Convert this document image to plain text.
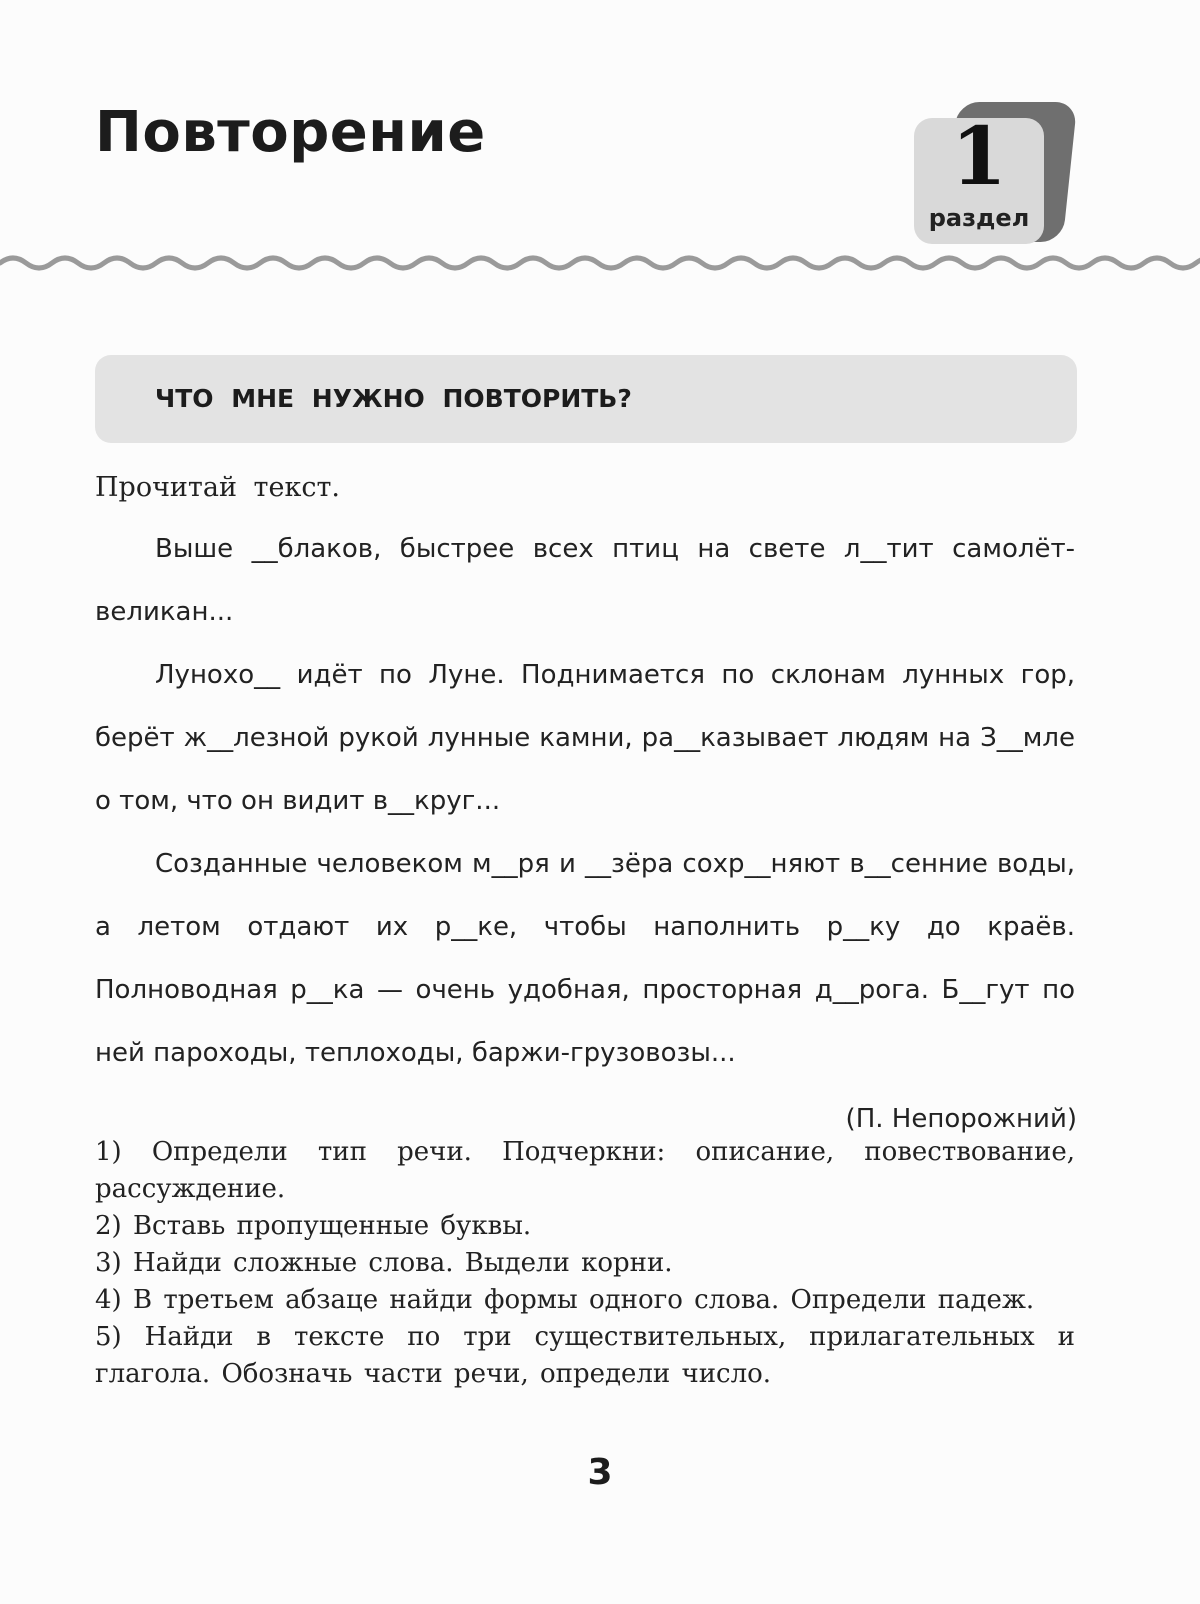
Повторение	1
раздел
ЧТО МНЕ НУЖНО ПОВТОРИТЬ?
Прочитай текст.

Выше __блаков, быстрее всех птиц на свете л__тит самолёт-великан...

Лунохо__ идёт по Луне. Поднимается по склонам лунных гор, берёт ж__лезной рукой лунные камни, ра__казывает людям на З__мле о том, что он видит в__круг...

Созданные человеком м__ря и __зёра сохр__няют в__сенние воды, а летом отдают их р__ке, чтобы наполнить р__ку до краёв. Полноводная р__ка — очень удобная, просторная д__рога. Б__гут по ней пароходы, теплоходы, баржи-грузовозы...

(П. Непорожний)
1) Определи тип речи. Подчеркни: описание, повествование, рассуждение.
2) Вставь пропущенные буквы.
3) Найди сложные слова. Выдели корни.
4) В третьем абзаце найди формы одного слова. Определи падеж.
5) Найди в тексте по три существительных, прилагательных и глагола. Обозначь части речи, определи число.
3
